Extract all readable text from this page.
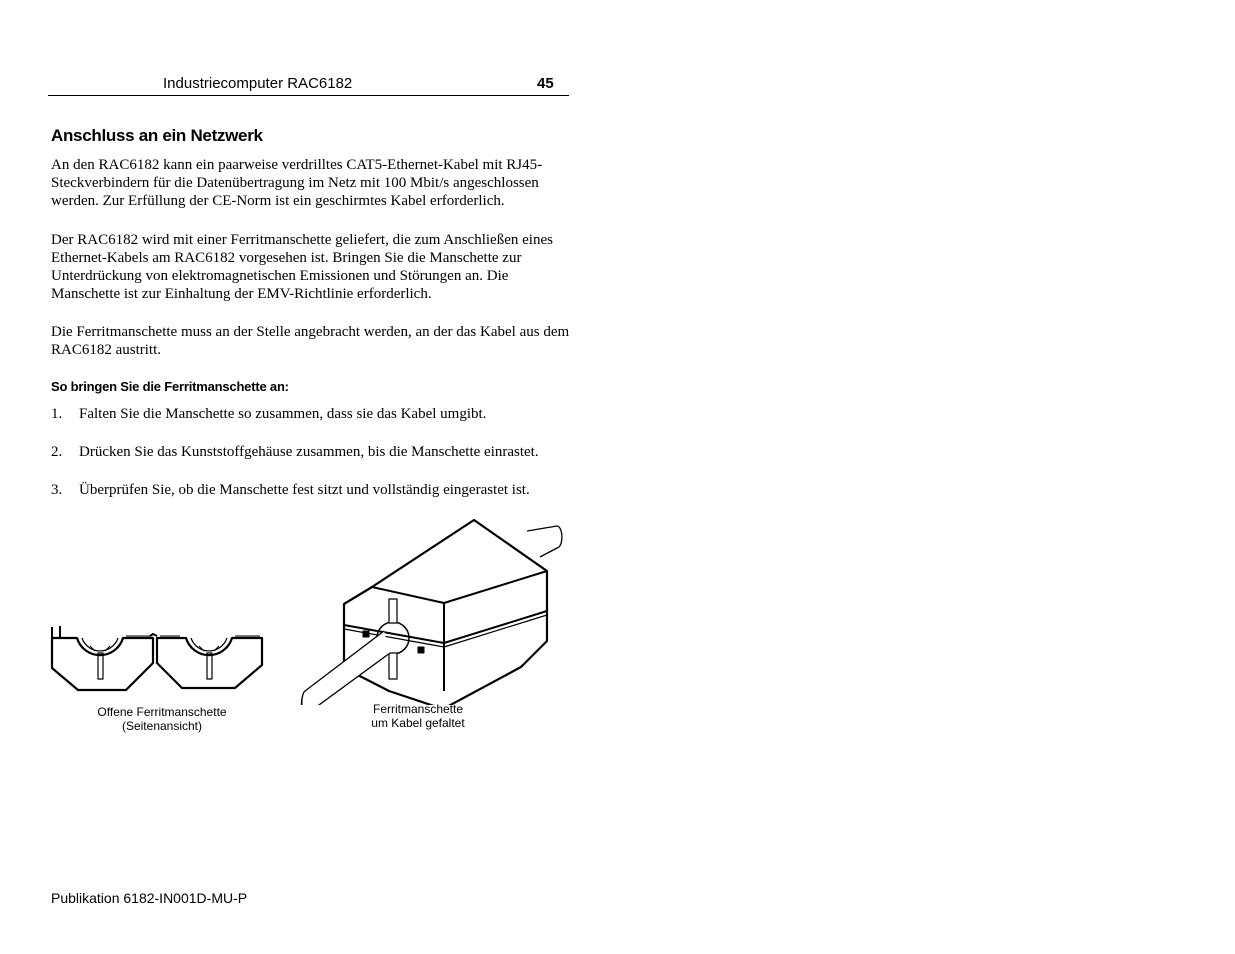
Industriecomputer RAC6182	45
Anschluss an ein Netzwerk

An den RAC6182 kann ein paarweise verdrilltes CAT5-Ethernet-Kabel mit RJ45-Steckverbindern für die Datenübertragung im Netz mit 100 Mbit/s angeschlossen werden. Zur Erfüllung der CE-Norm ist ein geschirmtes Kabel erforderlich.

Der RAC6182 wird mit einer Ferritmanschette geliefert, die zum Anschließen eines Ethernet-Kabels am RAC6182 vorgesehen ist. Bringen Sie die Manschette zur Unterdrückung von elektromagnetischen Emissionen und Störungen an. Die Manschette ist zur Einhaltung der EMV-Richtlinie erforderlich.

Die Ferritmanschette muss an der Stelle angebracht werden, an der das Kabel aus dem RAC6182 austritt.

So bringen Sie die Ferritmanschette an:
1. Falten Sie die Manschette so zusammen, dass sie das Kabel umgibt.
2. Drücken Sie das Kunststoffgehäuse zusammen, bis die Manschette einrastet.
3. Überprüfen Sie, ob die Manschette fest sitzt und vollständig eingerastet ist.
Offene Ferritmanschette
(Seitenansicht)
Ferritmanschette
um Kabel gefaltet
Publikation 6182-IN001D-MU-P
